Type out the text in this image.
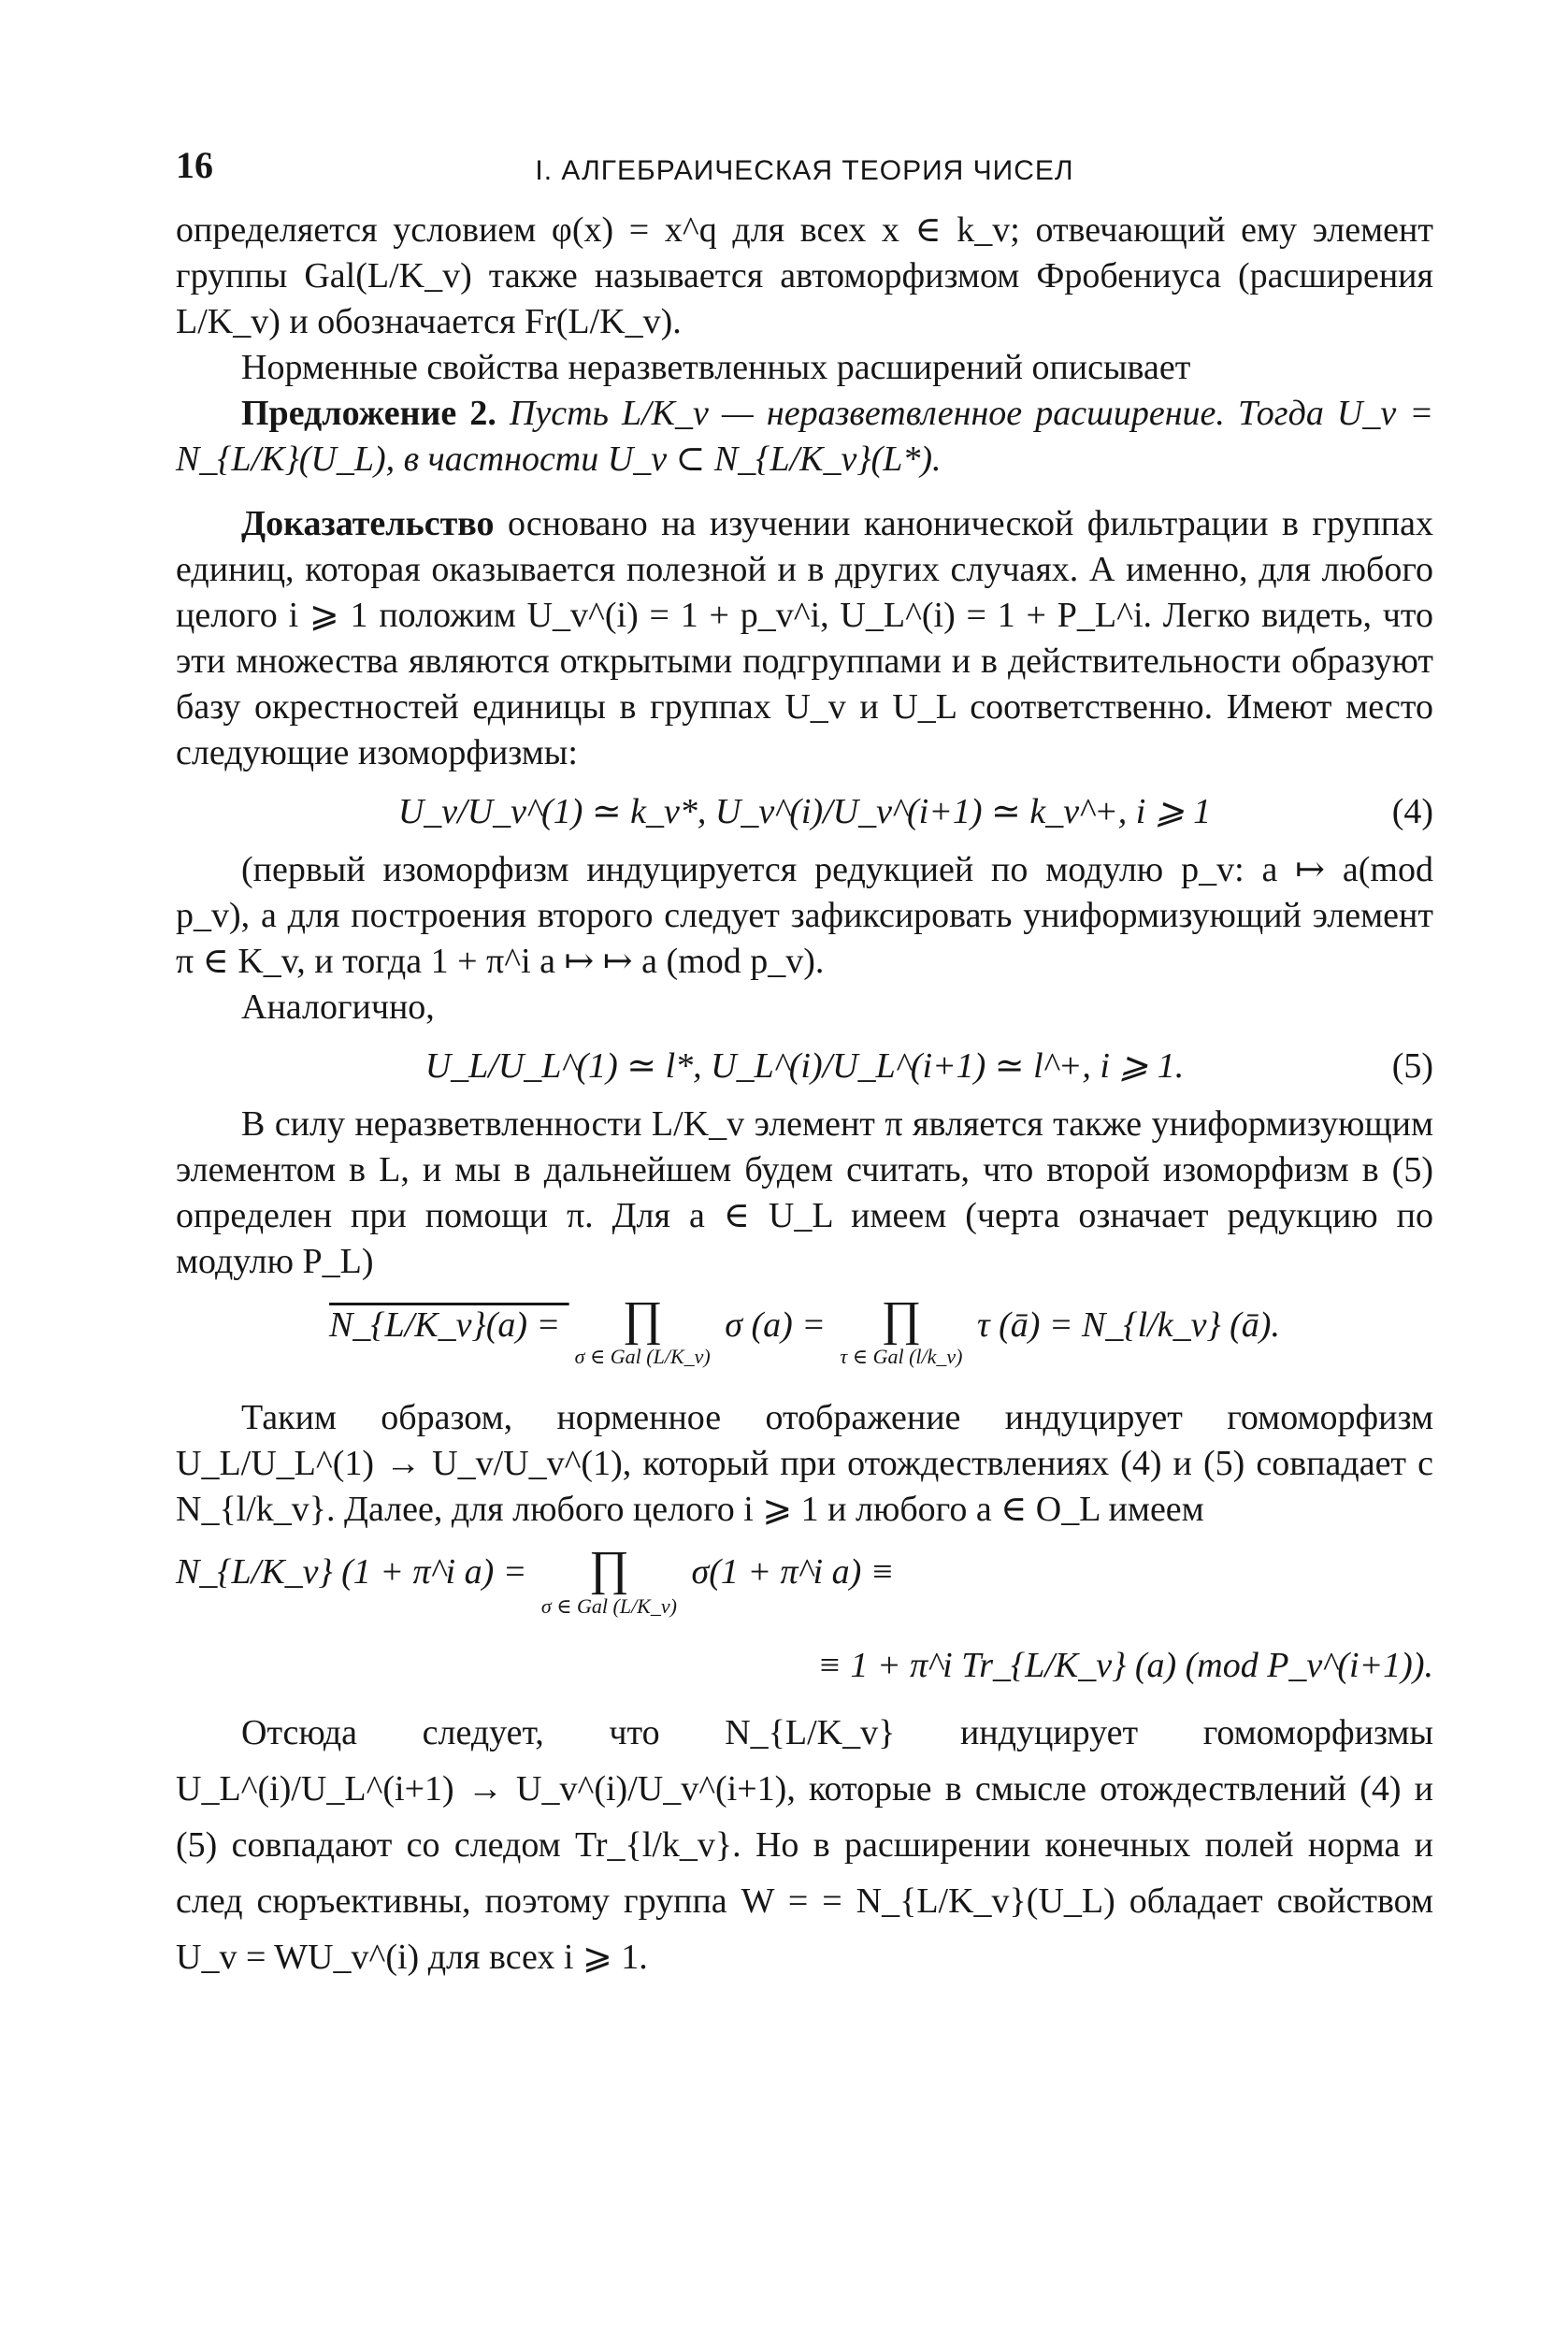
16	I. АЛГЕБРАИЧЕСКАЯ ТЕОРИЯ ЧИСЕЛ

определяется условием φ(x) = x^q для всех x ∈ k_v; отвечающий ему элемент группы Gal(L/K_v) также называется автоморфизмом Фробениуса (расширения L/K_v) и обозначается Fr(L/K_v).

Норменные свойства неразветвленных расширений описывает

Предложение 2. Пусть L/K_v — неразветвленное расширение. Тогда U_v = N_{L/K}(U_L), в частности U_v ⊂ N_{L/K_v}(L*).

Доказательство основано на изучении канонической фильтрации в группах единиц, которая оказывается полезной и в других случаях. А именно, для любого целого i ⩾ 1 положим U_v^(i) = 1 + p_v^i, U_L^(i) = 1 + P_L^i. Легко видеть, что эти множества являются открытыми подгруппами и в действительности образуют базу окрестностей единицы в группах U_v и U_L соответственно. Имеют место следующие изоморфизмы:

U_v/U_v^(1) ≃ k_v*, U_v^(i)/U_v^(i+1) ≃ k_v^+, i ⩾ 1	(4)

(первый изоморфизм индуцируется редукцией по модулю p_v: a ↦ a(mod p_v), а для построения второго следует зафиксировать униформизующий элемент π ∈ K_v, и тогда 1 + π^i a ↦ ↦ a (mod p_v).

Аналогично,

U_L/U_L^(1) ≃ l*, U_L^(i)/U_L^(i+1) ≃ l^+, i ⩾ 1.	(5)

В силу неразветвленности L/K_v элемент π является также униформизующим элементом в L, и мы в дальнейшем будем считать, что второй изоморфизм в (5) определен при помощи π. Для a ∈ U_L имеем (черта означает редукцию по модулю P_L)

N_{L/K_v}(a) =	∏
σ ∈ Gal (L/K_v)
σ (a) = ∏
τ ∈ Gal (l/k_v)
τ (ā) = N_{l/k_v} (ā).

Таким образом, норменное отображение индуцирует гомоморфизм U_L/U_L^(1) → U_v/U_v^(1), который при отождествлениях (4) и (5) совпадает с N_{l/k_v}. Далее, для любого целого i ⩾ 1 и любого a ∈ O_L имеем

N_{L/K_v} (1 + π^i a) =	∏
σ ∈ Gal (L/K_v)
σ(1 + π^i a) ≡
≡ 1 + π^i Tr_{L/K_v} (a) (mod P_v^(i+1)).

Отсюда следует, что N_{L/K_v} индуцирует гомоморфизмы U_L^(i)/U_L^(i+1) → U_v^(i)/U_v^(i+1), которые в смысле отождествлений (4) и (5) совпадают со следом Tr_{l/k_v}. Но в расширении конечных полей норма и след сюръективны, поэтому группа W = = N_{L/K_v}(U_L) обладает свойством U_v = WU_v^(i) для всех i ⩾ 1.
